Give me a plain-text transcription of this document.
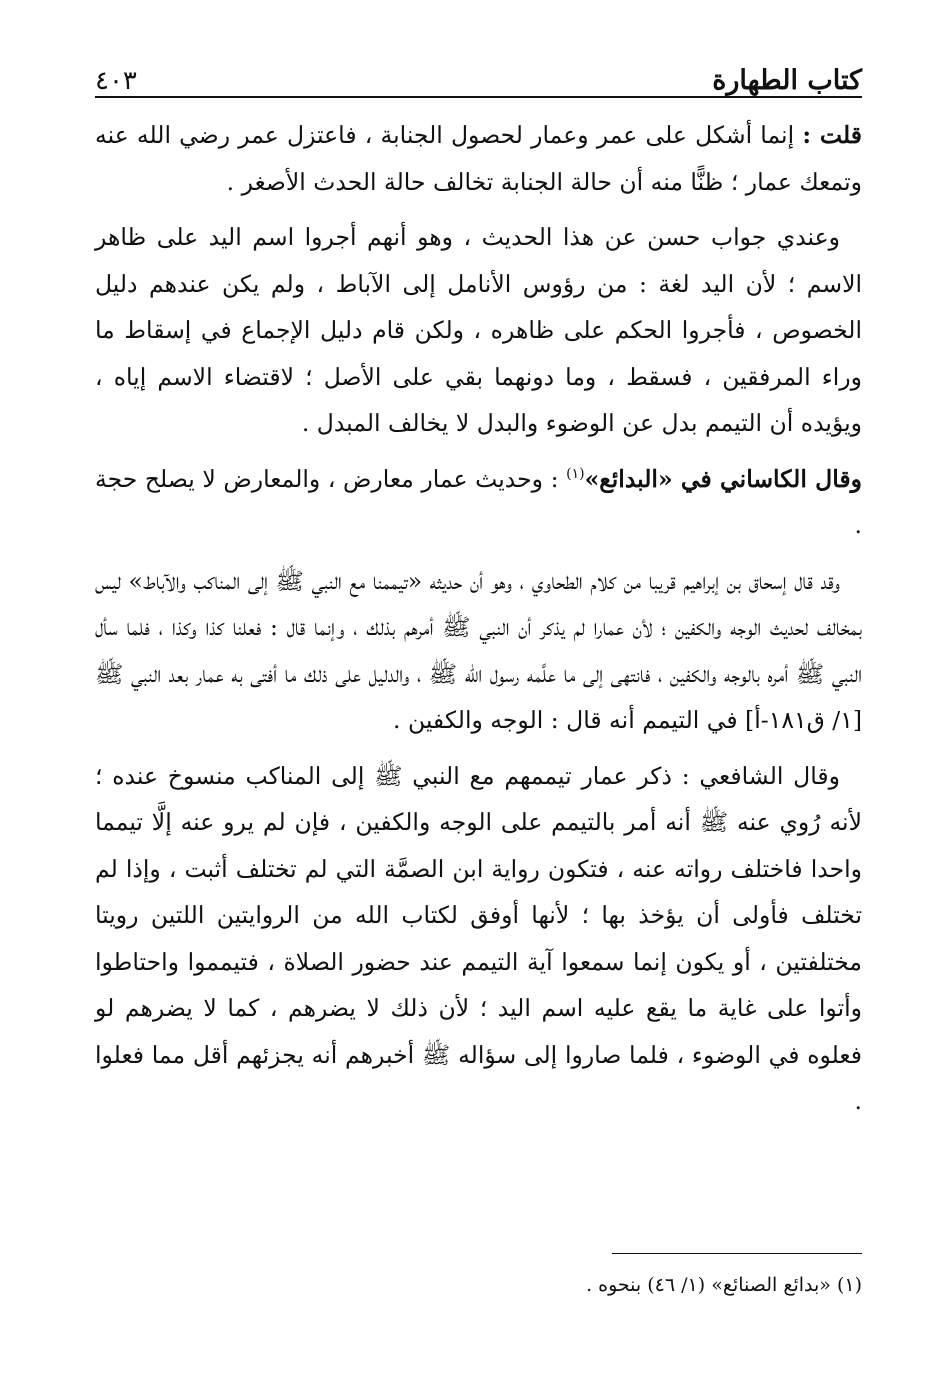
كتاب الطهارة
٤٠٣

قلت : إنما أشكل على عمر وعمار لحصول الجنابة ، فاعتزل عمر رضي الله عنه وتمعك عمار ؛ ظنًّا منه أن حالة الجنابة تخالف حالة الحدث الأصغر .

وعندي جواب حسن عن هذا الحديث ، وهو أنهم أجروا اسم اليد على ظاهر الاسم ؛ لأن اليد لغة : من رؤوس الأنامل إلى الآباط ، ولم يكن عندهم دليل الخصوص ، فأجروا الحكم على ظاهره ، ولكن قام دليل الإجماع في إسقاط ما وراء المرفقين ، فسقط ، وما دونهما بقي على الأصل ؛ لاقتضاء الاسم إياه ، ويؤيده أن التيمم بدل عن الوضوء والبدل لا يخالف المبدل .

وقال الكاساني في «البدائع»$^{(١)}$ : وحديث عمار معارض ، والمعارض لا يصلح حجة .

وقد قال إسحاق بن إبراهيم قريبا من كلام الطحاوي ، وهو أن حديثه «تيممنا مع النبي ﷺ إلى المناكب والآباط» ليس بمخالف لحديث الوجه والكفين ؛ لأن عمارا لم يذكر أن النبي ﷺ أمرهم بذلك ، وإنما قال : فعلنا كذا وكذا ، فلما سأل النبي ﷺ أمره بالوجه والكفين ، فانتهى إلى ما علَّمه رسول الله ﷺ ، والدليل على ذلك ما أفتى به عمار بعد النبي ﷺ [١/ ق١٨١-أ] في التيمم أنه قال : الوجه والكفين .

وقال الشافعي : ذكر عمار تيممهم مع النبي ﷺ إلى المناكب منسوخ عنده ؛ لأنه رُوي عنه ﷺ أنه أمر بالتيمم على الوجه والكفين ، فإن لم يرو عنه إلَّا تيمما واحدا فاختلف رواته عنه ، فتكون رواية ابن الصمَّة التي لم تختلف أثبت ، وإذا لم تختلف فأولى أن يؤخذ بها ؛ لأنها أوفق لكتاب الله من الروايتين اللتين رويتا مختلفتين ، أو يكون إنما سمعوا آية التيمم عند حضور الصلاة ، فتيمموا واحتاطوا وأتوا على غاية ما يقع عليه اسم اليد ؛ لأن ذلك لا يضرهم ، كما لا يضرهم لو فعلوه في الوضوء ، فلما صاروا إلى سؤاله ﷺ أخبرهم أنه يجزئهم أقل مما فعلوا .

(١) «بدائع الصنائع» (١/ ٤٦) بنحوه .
